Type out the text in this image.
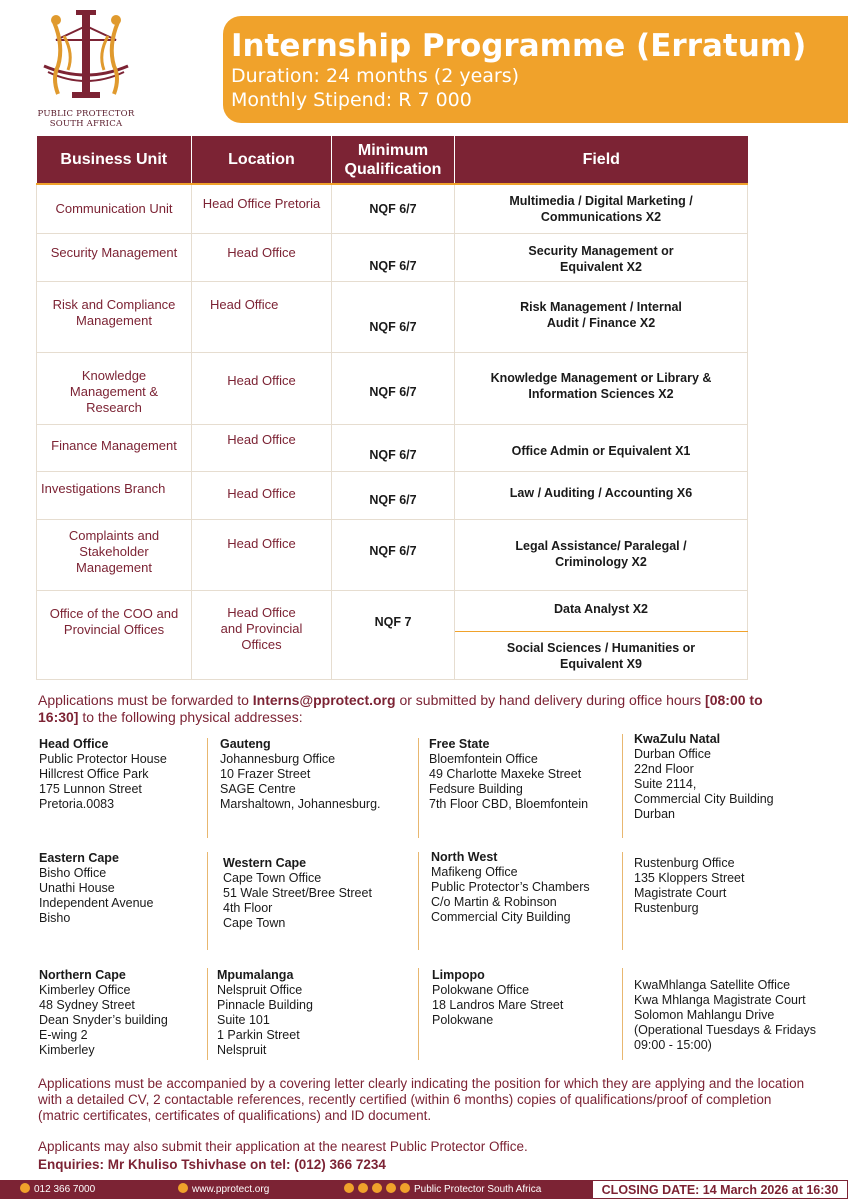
PUBLIC PROTECTOR
SOUTH AFRICA
Internship Programme (Erratum)
Duration: 24 months (2 years)
Monthly Stipend: R 7 000
Business Unit	Location	Minimum Qualification	Field
Communication Unit	Head Office Pretoria	NQF 6/7	Multimedia / Digital Marketing / Communications X2
Security Management	Head Office	NQF 6/7	Security Management or Equivalent X2
Risk and Compliance Management	Head Office	NQF 6/7	Risk Management / Internal Audit / Finance X2
Knowledge Management & Research	Head Office	NQF 6/7	Knowledge Management or Library & Information Sciences X2
Finance Management	Head Office	NQF 6/7	Office Admin or Equivalent X1
Investigations Branch	Head Office	NQF 6/7	Law / Auditing / Accounting X6
Complaints and Stakeholder Management	Head Office	NQF 6/7	Legal Assistance/ Paralegal / Criminology X2
Office of the COO and Provincial Offices	Head Office and Provincial Offices	NQF 7	Data Analyst X2
			Social Sciences / Humanities or Equivalent X9
Applications must be forwarded to Interns@pprotect.org or submitted by hand delivery during office hours [08:00 to 16:30] to the following physical addresses:
Head Office
Public Protector House
Hillcrest Office Park
175 Lunnon Street
Pretoria.0083
Gauteng
Johannesburg Office
10 Frazer Street
SAGE Centre
Marshaltown, Johannesburg.
Free State
Bloemfontein Office
49 Charlotte Maxeke Street
Fedsure Building
7th Floor CBD, Bloemfontein
KwaZulu Natal
Durban Office
22nd Floor
Suite 2114,
Commercial City Building
Durban
Eastern Cape
Bisho Office
Unathi House
Independent Avenue
Bisho
Western Cape
Cape Town Office
51 Wale Street/Bree Street
4th Floor
Cape Town
North West
Mafikeng Office
Public Protector’s Chambers
C/o Martin & Robinson
Commercial City Building
Rustenburg Office
135 Kloppers Street
Magistrate Court
Rustenburg
Northern Cape
Kimberley Office
48 Sydney Street
Dean Snyder’s building
E-wing 2
Kimberley
Mpumalanga
Nelspruit Office
Pinnacle Building
Suite 101
1 Parkin Street
Nelspruit
Limpopo
Polokwane Office
18 Landros Mare Street
Polokwane
KwaMhlanga Satellite Office
Kwa Mhlanga Magistrate Court
Solomon Mahlangu Drive
(Operational Tuesdays & Fridays
09:00 - 15:00)
Applications must be accompanied by a covering letter clearly indicating the position for which they are applying and the location with a detailed CV, 2 contactable references, recently certified (within 6 months) copies of qualifications/proof of completion (matric certificates, certificates of qualifications) and ID document.
Applicants may also submit their application at the nearest Public Protector Office.
Enquiries: Mr Khuliso Tshivhase on tel: (012) 366 7234
012 366 7000	www.pprotect.org	Public Protector South Africa	CLOSING DATE: 14 March 2026 at 16:30
